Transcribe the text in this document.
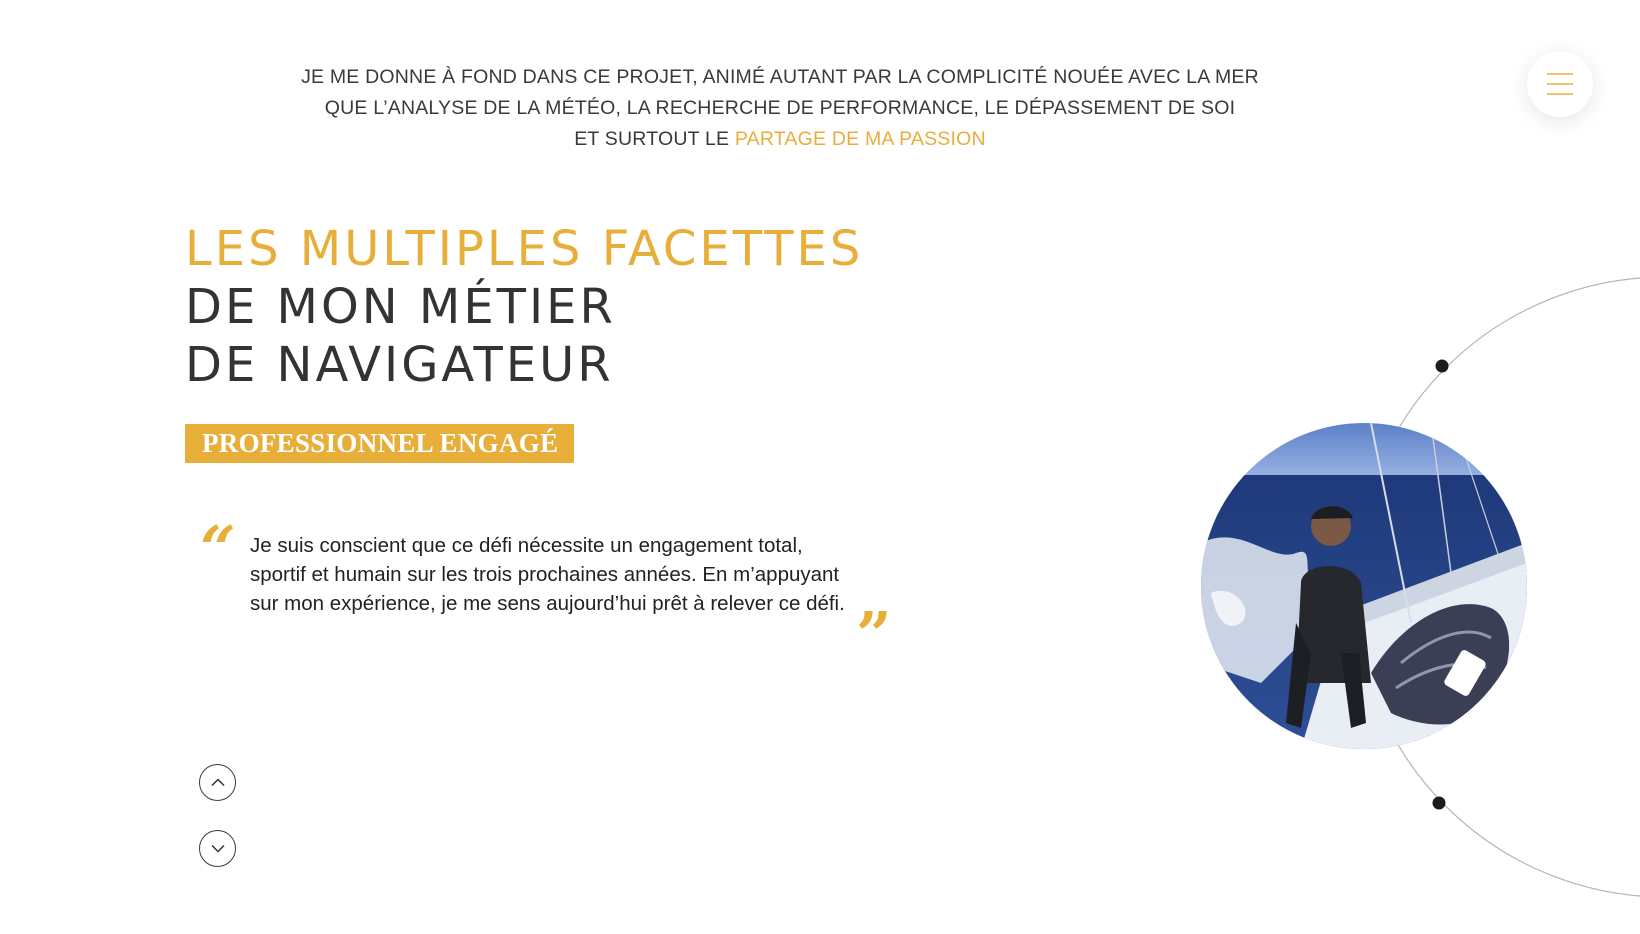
JE ME DONNE À FOND DANS CE PROJET, ANIMÉ AUTANT PAR LA COMPLICITÉ NOUÉE AVEC LA MER
QUE L’ANALYSE DE LA MÉTÉO, LA RECHERCHE DE PERFORMANCE, LE DÉPASSEMENT DE SOI
ET SURTOUT LE PARTAGE DE MA PASSION
LES MULTIPLES FACETTES
DE MON MÉTIER
DE NAVIGATEUR
PROFESSIONNEL ENGAGÉ
“ Je suis conscient que ce défi nécessite un engagement total, sportif et humain sur les trois prochaines années. En m’appuyant sur mon expérience, je me sens aujourd’hui prêt à relever ce défi. ”
